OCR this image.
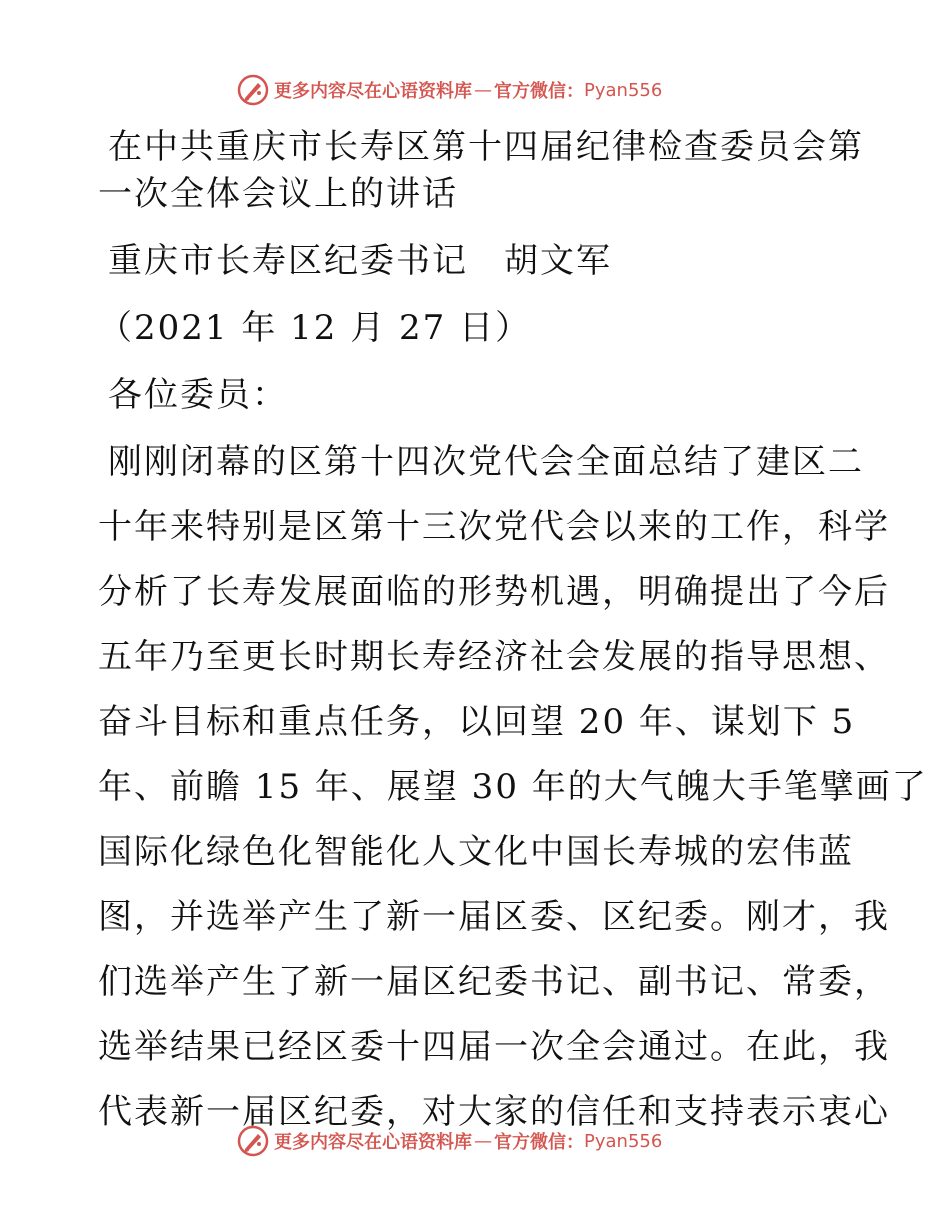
更多内容尽在心语资料库 — 官方微信： Pyan556
在中共重庆市长寿区第十四届纪律检查委员会第
一次全体会议上的讲话
重庆市长寿区纪委书记　胡文军
（2021 年 12 月 27 日）
各位委员：
刚刚闭幕的区第十四次党代会全面总结了建区二
十年来特别是区第十三次党代会以来的工作，科学
分析了长寿发展面临的形势机遇，明确提出了今后
五年乃至更长时期长寿经济社会发展的指导思想、
奋斗目标和重点任务，以回望 20 年、谋划下 5
年、前瞻 15 年、展望 30 年的大气魄大手笔擘画了
国际化绿色化智能化人文化中国长寿城的宏伟蓝
图，并选举产生了新一届区委、区纪委。刚才，我
们选举产生了新一届区纪委书记、副书记、常委，
选举结果已经区委十四届一次全会通过。在此，我
代表新一届区纪委，对大家的信任和支持表示衷心
更多内容尽在心语资料库 — 官方微信： Pyan556
